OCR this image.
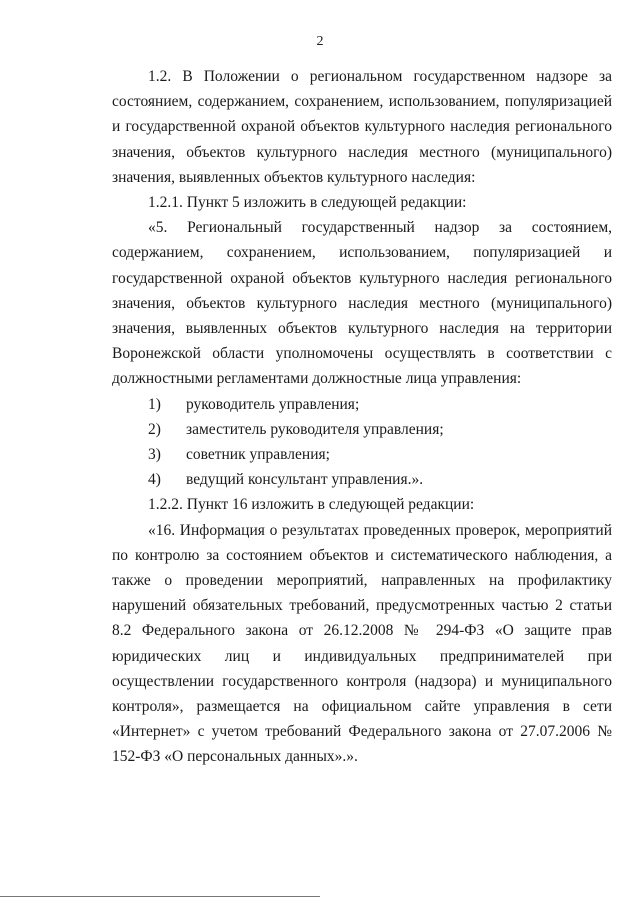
2

1.2. В Положении о региональном государственном надзоре за состоянием, содержанием, сохранением, использованием, популяризацией и государственной охраной объектов культурного наследия регионального значения, объектов культурного наследия местного (муниципального) значения, выявленных объектов культурного наследия:

1.2.1. Пункт 5 изложить в следующей редакции:

«5. Региональный государственный надзор за состоянием, содержанием, сохранением, использованием, популяризацией и государственной охраной объектов культурного наследия регионального значения, объектов культурного наследия местного (муниципального) значения, выявленных объектов культурного наследия на территории Воронежской области уполномочены осуществлять в соответствии с должностными регламентами должностные лица управления:

1) руководитель управления;
2) заместитель руководителя управления;
3) советник управления;
4) ведущий консультант управления.».

1.2.2. Пункт 16 изложить в следующей редакции:

«16. Информация о результатах проведенных проверок, мероприятий по контролю за состоянием объектов и систематического наблюдения, а также о проведении мероприятий, направленных на профилактику нарушений обязательных требований, предусмотренных частью 2 статьи 8.2 Федерального закона от 26.12.2008 № 294-ФЗ «О защите прав юридических лиц и индивидуальных предпринимателей при осуществлении государственного контроля (надзора) и муниципального контроля», размещается на официальном сайте управления в сети «Интернет» с учетом требований Федерального закона от 27.07.2006 № 152-ФЗ «О персональных данных».».
